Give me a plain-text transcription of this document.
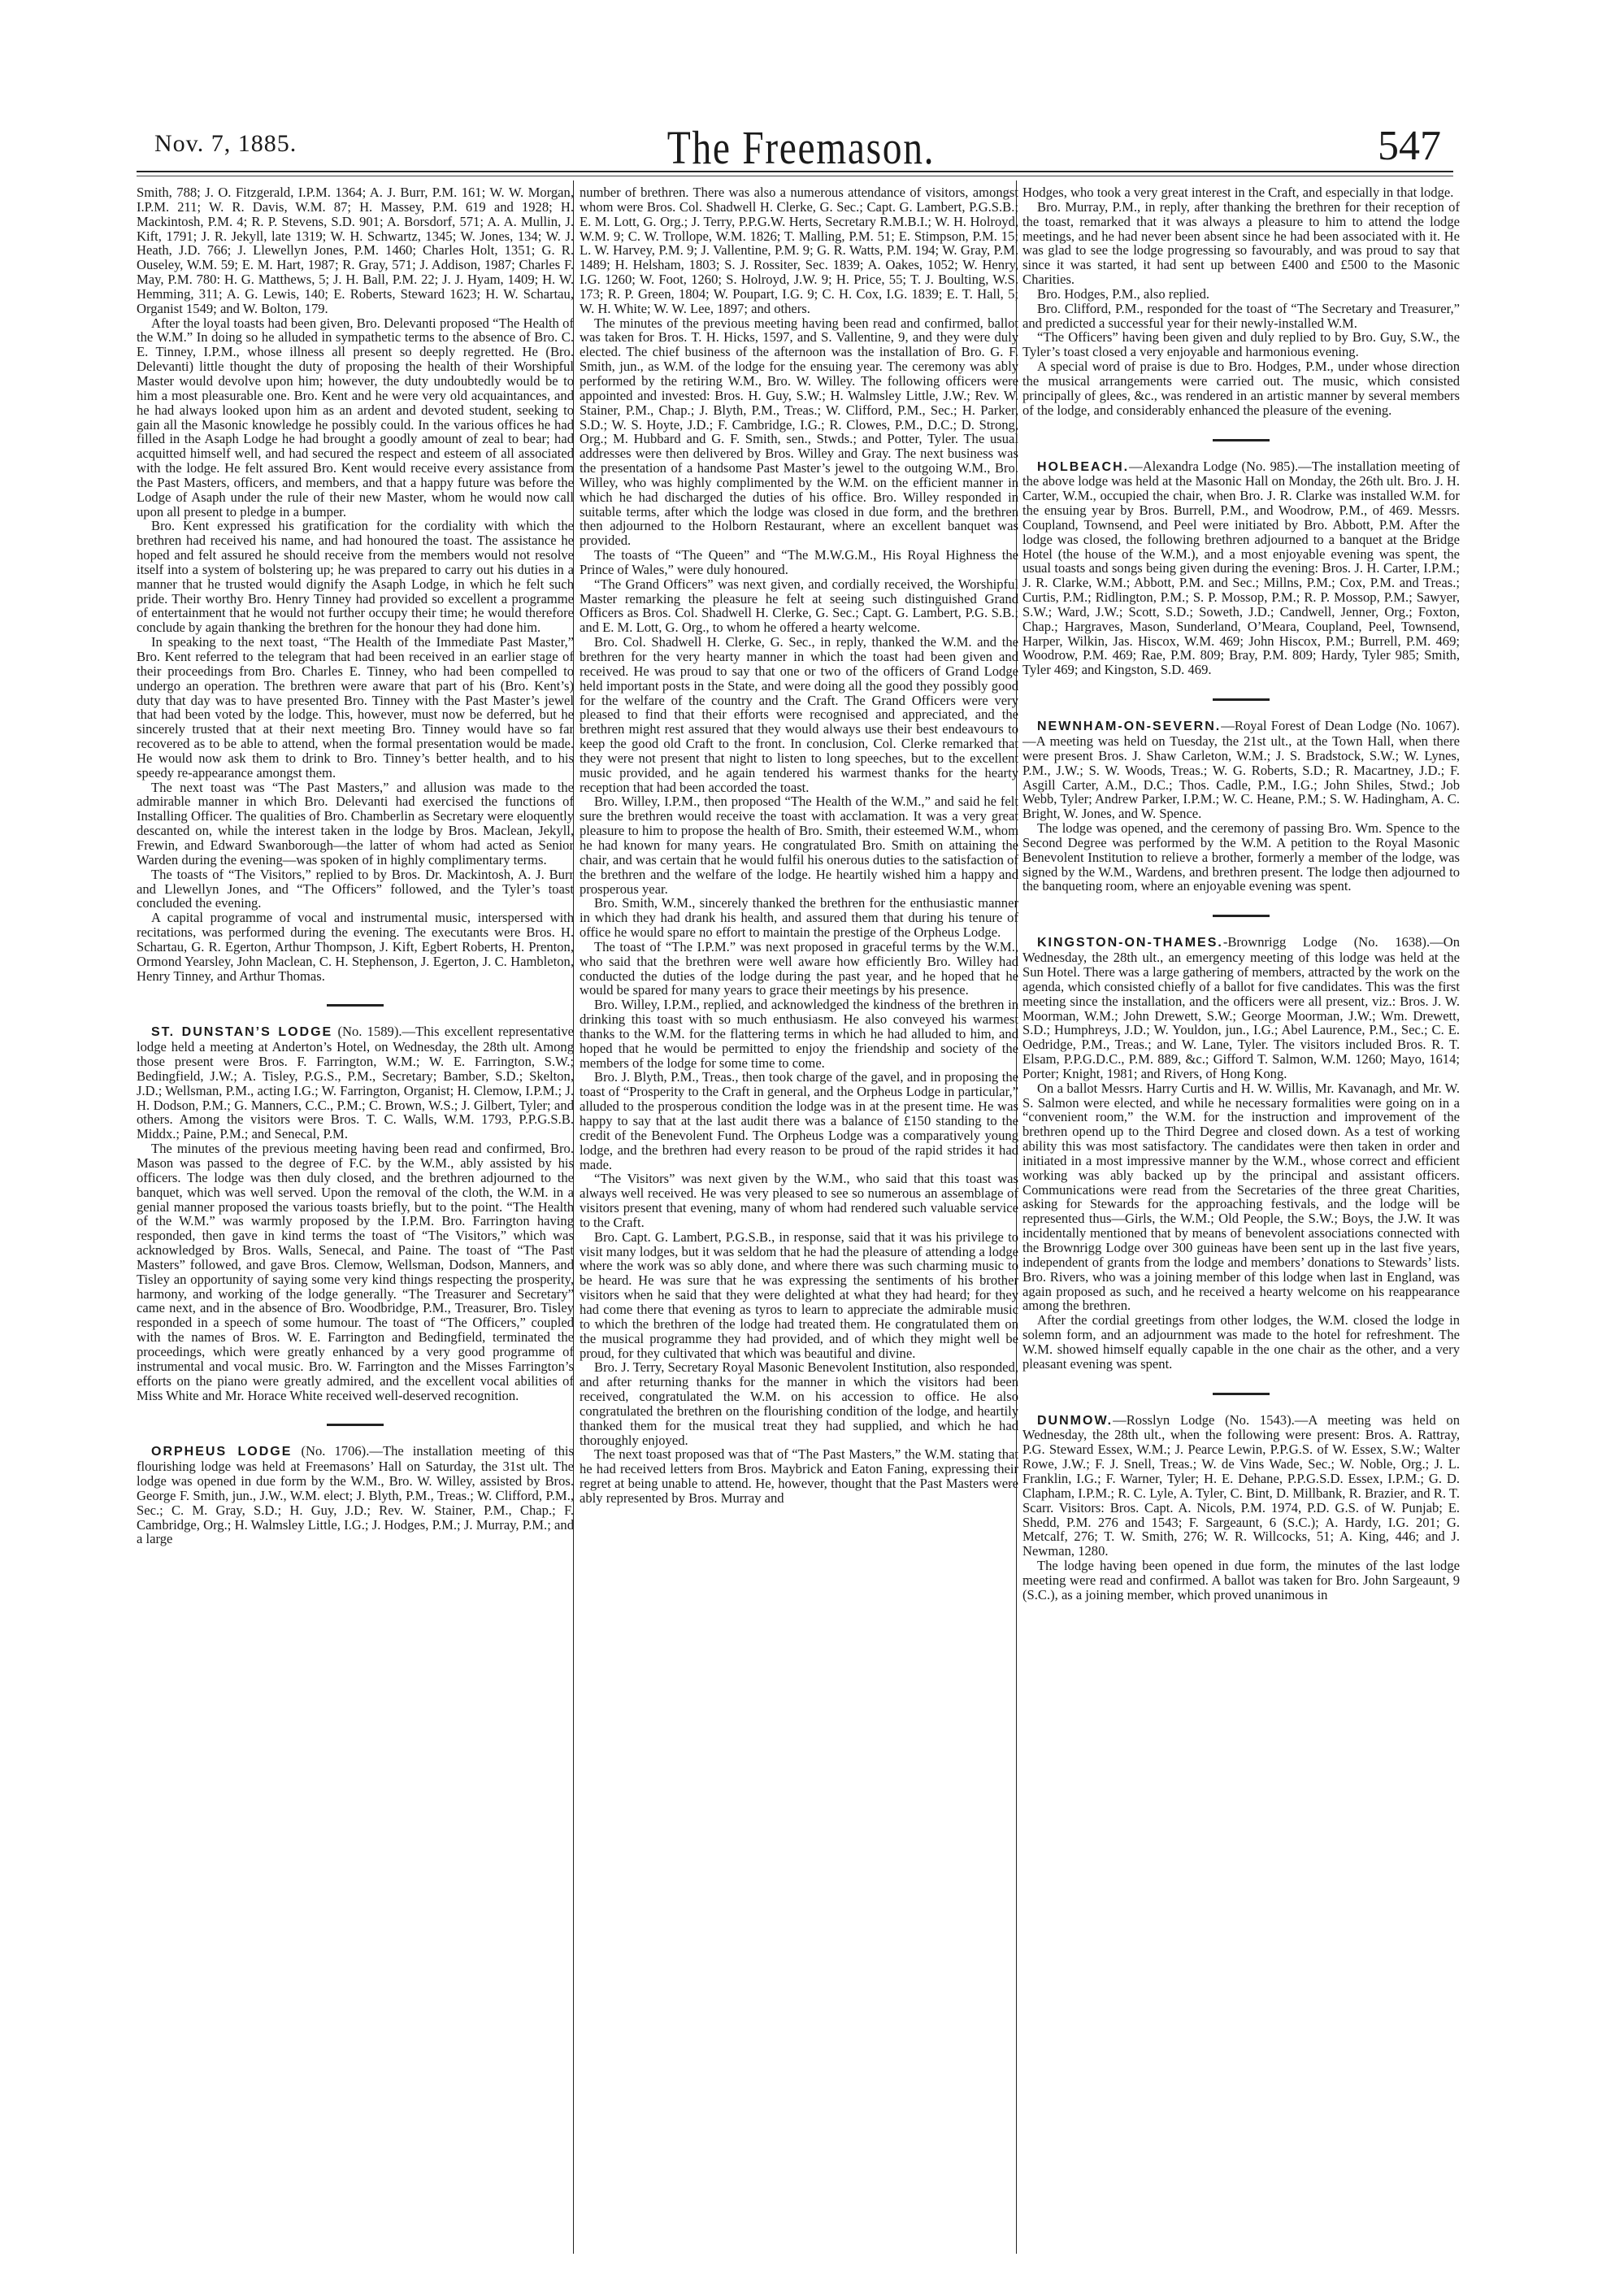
Nov. 7, 1885.	The Freemason.	547

Smith, 788; J. O. Fitzgerald, I.P.M. 1364; A. J. Burr, P.M. 161; W. W. Morgan, I.P.M. 211; W. R. Davis, W.M. 87; H. Massey, P.M. 619 and 1928; H. Mackintosh, P.M. 4; R. P. Stevens, S.D. 901; A. Borsdorf, 571; A. A. Mullin, J. Kift, 1791; J. R. Jekyll, late 1319; W. H. Schwartz, 1345; W. Jones, 134; W. J. Heath, J.D. 766; J. Llewellyn Jones, P.M. 1460; Charles Holt, 1351; G. R. Ouseley, W.M. 59; E. M. Hart, 1987; R. Gray, 571; J. Addison, 1987; Charles F. May, P.M. 780: H. G. Matthews, 5; J. H. Ball, P.M. 22; J. J. Hyam, 1409; H. W. Hemming, 311; A. G. Lewis, 140; E. Roberts, Steward 1623; H. W. Schartau, Organist 1549; and W. Bolton, 179.

After the loyal toasts had been given, Bro. Delevanti proposed “The Health of the W.M.” In doing so he alluded in sympathetic terms to the absence of Bro. C. E. Tinney, I.P.M., whose illness all present so deeply regretted. He (Bro. Delevanti) little thought the duty of proposing the health of their Worshipful Master would devolve upon him; however, the duty undoubtedly would be to him a most pleasurable one. Bro. Kent and he were very old acquaintances, and he had always looked upon him as an ardent and devoted student, seeking to gain all the Masonic knowledge he possibly could. In the various offices he had filled in the Asaph Lodge he had brought a goodly amount of zeal to bear; had acquitted himself well, and had secured the respect and esteem of all associated with the lodge. He felt assured Bro. Kent would receive every assistance from the Past Masters, officers, and members, and that a happy future was before the Lodge of Asaph under the rule of their new Master, whom he would now call upon all present to pledge in a bumper.

Bro. Kent expressed his gratification for the cordiality with which the brethren had received his name, and had honoured the toast. The assistance he hoped and felt assured he should receive from the members would not resolve itself into a system of bolstering up; he was prepared to carry out his duties in a manner that he trusted would dignify the Asaph Lodge, in which he felt such pride. Their worthy Bro. Henry Tinney had provided so excellent a programme of entertainment that he would not further occupy their time; he would therefore conclude by again thanking the brethren for the honour they had done him.

In speaking to the next toast, “The Health of the Immediate Past Master,” Bro. Kent referred to the telegram that had been received in an earlier stage of their proceedings from Bro. Charles E. Tinney, who had been compelled to undergo an operation. The brethren were aware that part of his (Bro. Kent’s) duty that day was to have presented Bro. Tinney with the Past Master’s jewel that had been voted by the lodge. This, however, must now be deferred, but he sincerely trusted that at their next meeting Bro. Tinney would have so far recovered as to be able to attend, when the formal presentation would be made. He would now ask them to drink to Bro. Tinney’s better health, and to his speedy re-appearance amongst them.

The next toast was “The Past Masters,” and allusion was made to the admirable manner in which Bro. Delevanti had exercised the functions of Installing Officer. The qualities of Bro. Chamberlin as Secretary were eloquently descanted on, while the interest taken in the lodge by Bros. Maclean, Jekyll, Frewin, and Edward Swanborough—the latter of whom had acted as Senior Warden during the evening—was spoken of in highly complimentary terms.

The toasts of “The Visitors,” replied to by Bros. Dr. Mackintosh, A. J. Burr and Llewellyn Jones, and “The Officers” followed, and the Tyler’s toast concluded the evening.

A capital programme of vocal and instrumental music, interspersed with recitations, was performed during the evening. The executants were Bros. H. Schartau, G. R. Egerton, Arthur Thompson, J. Kift, Egbert Roberts, H. Prenton, Ormond Yearsley, John Maclean, C. H. Stephenson, J. Egerton, J. C. Hambleton, Henry Tinney, and Arthur Thomas.

ST. DUNSTAN’S LODGE (No. 1589).—This excellent representative lodge held a meeting at Anderton’s Hotel, on Wednesday, the 28th ult. Among those present were Bros. F. Farrington, W.M.; W. E. Farrington, S.W.; Bedingfield, J.W.; A. Tisley, P.G.S., P.M., Secretary; Bamber, S.D.; Skelton, J.D.; Wellsman, P.M., acting I.G.; W. Farrington, Organist; H. Clemow, I.P.M.; J. H. Dodson, P.M.; G. Manners, C.C., P.M.; C. Brown, W.S.; J. Gilbert, Tyler; and others. Among the visitors were Bros. T. C. Walls, W.M. 1793, P.P.G.S.B. Middx.; Paine, P.M.; and Senecal, P.M.

The minutes of the previous meeting having been read and confirmed, Bro. Mason was passed to the degree of F.C. by the W.M., ably assisted by his officers. The lodge was then duly closed, and the brethren adjourned to the banquet, which was well served. Upon the removal of the cloth, the W.M. in a genial manner proposed the various toasts briefly, but to the point. “The Health of the W.M.” was warmly proposed by the I.P.M. Bro. Farrington having responded, then gave in kind terms the toast of “The Visitors,” which was acknowledged by Bros. Walls, Senecal, and Paine. The toast of “The Past Masters” followed, and gave Bros. Clemow, Wellsman, Dodson, Manners, and Tisley an opportunity of saying some very kind things respecting the prosperity, harmony, and working of the lodge generally. “The Treasurer and Secretary” came next, and in the absence of Bro. Woodbridge, P.M., Treasurer, Bro. Tisley responded in a speech of some humour. The toast of “The Officers,” coupled with the names of Bros. W. E. Farrington and Bedingfield, terminated the proceedings, which were greatly enhanced by a very good programme of instrumental and vocal music. Bro. W. Farrington and the Misses Farrington’s efforts on the piano were greatly admired, and the excellent vocal abilities of Miss White and Mr. Horace White received well-deserved recognition.

ORPHEUS LODGE (No. 1706).—The installation meeting of this flourishing lodge was held at Freemasons’ Hall on Saturday, the 31st ult. The lodge was opened in due form by the W.M., Bro. W. Willey, assisted by Bros. George F. Smith, jun., J.W., W.M. elect; J. Blyth, P.M., Treas.; W. Clifford, P.M., Sec.; C. M. Gray, S.D.; H. Guy, J.D.; Rev. W. Stainer, P.M., Chap.; F. Cambridge, Org.; H. Walmsley Little, I.G.; J. Hodges, P.M.; J. Murray, P.M.; and a large

number of brethren. There was also a numerous attendance of visitors, amongst whom were Bros. Col. Shadwell H. Clerke, G. Sec.; Capt. G. Lambert, P.G.S.B.; E. M. Lott, G. Org.; J. Terry, P.P.G.W. Herts, Secretary R.M.B.I.; W. H. Holroyd, W.M. 9; C. W. Trollope, W.M. 1826; T. Malling, P.M. 51; E. Stimpson, P.M. 15; L. W. Harvey, P.M. 9; J. Vallentine, P.M. 9; G. R. Watts, P.M. 194; W. Gray, P.M. 1489; H. Helsham, 1803; S. J. Rossiter, Sec. 1839; A. Oakes, 1052; W. Henry, I.G. 1260; W. Foot, 1260; S. Holroyd, J.W. 9; H. Price, 55; T. J. Boulting, W.S. 173; R. P. Green, 1804; W. Poupart, I.G. 9; C. H. Cox, I.G. 1839; E. T. Hall, 5; W. H. White; W. W. Lee, 1897; and others.

The minutes of the previous meeting having been read and confirmed, ballot was taken for Bros. T. H. Hicks, 1597, and S. Vallentine, 9, and they were duly elected. The chief business of the afternoon was the installation of Bro. G. F. Smith, jun., as W.M. of the lodge for the ensuing year. The ceremony was ably performed by the retiring W.M., Bro. W. Willey. The following officers were appointed and invested: Bros. H. Guy, S.W.; H. Walmsley Little, J.W.; Rev. W. Stainer, P.M., Chap.; J. Blyth, P.M., Treas.; W. Clifford, P.M., Sec.; H. Parker, S.D.; W. S. Hoyte, J.D.; F. Cambridge, I.G.; R. Clowes, P.M., D.C.; D. Strong, Org.; M. Hubbard and G. F. Smith, sen., Stwds.; and Potter, Tyler. The usual addresses were then delivered by Bros. Willey and Gray. The next business was the presentation of a handsome Past Master’s jewel to the outgoing W.M., Bro. Willey, who was highly complimented by the W.M. on the efficient manner in which he had discharged the duties of his office. Bro. Willey responded in suitable terms, after which the lodge was closed in due form, and the brethren then adjourned to the Holborn Restaurant, where an excellent banquet was provided.

The toasts of “The Queen” and “The M.W.G.M., His Royal Highness the Prince of Wales,” were duly honoured.

“The Grand Officers” was next given, and cordially received, the Worshipful Master remarking the pleasure he felt at seeing such distinguished Grand Officers as Bros. Col. Shadwell H. Clerke, G. Sec.; Capt. G. Lambert, P.G. S.B.; and E. M. Lott, G. Org., to whom he offered a hearty welcome.

Bro. Col. Shadwell H. Clerke, G. Sec., in reply, thanked the W.M. and the brethren for the very hearty manner in which the toast had been given and received. He was proud to say that one or two of the officers of Grand Lodge held important posts in the State, and were doing all the good they possibly good for the welfare of the country and the Craft. The Grand Officers were very pleased to find that their efforts were recognised and appreciated, and the brethren might rest assured that they would always use their best endeavours to keep the good old Craft to the front. In conclusion, Col. Clerke remarked that they were not present that night to listen to long speeches, but to the excellent music provided, and he again tendered his warmest thanks for the hearty reception that had been accorded the toast.

Bro. Willey, I.P.M., then proposed “The Health of the W.M.,” and said he felt sure the brethren would receive the toast with acclamation. It was a very great pleasure to him to propose the health of Bro. Smith, their esteemed W.M., whom he had known for many years. He congratulated Bro. Smith on attaining the chair, and was certain that he would fulfil his onerous duties to the satisfaction of the brethren and the welfare of the lodge. He heartily wished him a happy and prosperous year.

Bro. Smith, W.M., sincerely thanked the brethren for the enthusiastic manner in which they had drank his health, and assured them that during his tenure of office he would spare no effort to maintain the prestige of the Orpheus Lodge.

The toast of “The I.P.M.” was next proposed in graceful terms by the W.M., who said that the brethren were well aware how efficiently Bro. Willey had conducted the duties of the lodge during the past year, and he hoped that he would be spared for many years to grace their meetings by his presence.

Bro. Willey, I.P.M., replied, and acknowledged the kindness of the brethren in drinking this toast with so much enthusiasm. He also conveyed his warmest thanks to the W.M. for the flattering terms in which he had alluded to him, and hoped that he would be permitted to enjoy the friendship and society of the members of the lodge for some time to come.

Bro. J. Blyth, P.M., Treas., then took charge of the gavel, and in proposing the toast of “Prosperity to the Craft in general, and the Orpheus Lodge in particular,” alluded to the prosperous condition the lodge was in at the present time. He was happy to say that at the last audit there was a balance of £150 standing to the credit of the Benevolent Fund. The Orpheus Lodge was a comparatively young lodge, and the brethren had every reason to be proud of the rapid strides it had made.

“The Visitors” was next given by the W.M., who said that this toast was always well received. He was very pleased to see so numerous an assemblage of visitors present that evening, many of whom had rendered such valuable service to the Craft.

Bro. Capt. G. Lambert, P.G.S.B., in response, said that it was his privilege to visit many lodges, but it was seldom that he had the pleasure of attending a lodge where the work was so ably done, and where there was such charming music to be heard. He was sure that he was expressing the sentiments of his brother visitors when he said that they were delighted at what they had heard; for they had come there that evening as tyros to learn to appreciate the admirable music to which the brethren of the lodge had treated them. He congratulated them on the musical programme they had provided, and of which they might well be proud, for they cultivated that which was beautiful and divine.

Bro. J. Terry, Secretary Royal Masonic Benevolent Institution, also responded, and after returning thanks for the manner in which the visitors had been received, congratulated the W.M. on his accession to office. He also congratulated the brethren on the flourishing condition of the lodge, and heartily thanked them for the musical treat they had supplied, and which he had thoroughly enjoyed.

The next toast proposed was that of “The Past Masters,” the W.M. stating that he had received letters from Bros. Maybrick and Eaton Faning, expressing their regret at being unable to attend. He, however, thought that the Past Masters were ably represented by Bros. Murray and

Hodges, who took a very great interest in the Craft, and especially in that lodge.

Bro. Murray, P.M., in reply, after thanking the brethren for their reception of the toast, remarked that it was always a pleasure to him to attend the lodge meetings, and he had never been absent since he had been associated with it. He was glad to see the lodge progressing so favourably, and was proud to say that since it was started, it had sent up between £400 and £500 to the Masonic Charities.

Bro. Hodges, P.M., also replied.

Bro. Clifford, P.M., responded for the toast of “The Secretary and Treasurer,” and predicted a successful year for their newly-installed W.M.

“The Officers” having been given and duly replied to by Bro. Guy, S.W., the Tyler’s toast closed a very enjoyable and harmonious evening.

A special word of praise is due to Bro. Hodges, P.M., under whose direction the musical arrangements were carried out. The music, which consisted principally of glees, &c., was rendered in an artistic manner by several members of the lodge, and considerably enhanced the pleasure of the evening.

HOLBEACH.—Alexandra Lodge (No. 985).—The installation meeting of the above lodge was held at the Masonic Hall on Monday, the 26th ult. Bro. J. H. Carter, W.M., occupied the chair, when Bro. J. R. Clarke was installed W.M. for the ensuing year by Bros. Burrell, P.M., and Woodrow, P.M., of 469. Messrs. Coupland, Townsend, and Peel were initiated by Bro. Abbott, P.M. After the lodge was closed, the following brethren adjourned to a banquet at the Bridge Hotel (the house of the W.M.), and a most enjoyable evening was spent, the usual toasts and songs being given during the evening: Bros. J. H. Carter, I.P.M.; J. R. Clarke, W.M.; Abbott, P.M. and Sec.; Millns, P.M.; Cox, P.M. and Treas.; Curtis, P.M.; Ridlington, P.M.; S. P. Mossop, P.M.; R. P. Mossop, P.M.; Sawyer, S.W.; Ward, J.W.; Scott, S.D.; Soweth, J.D.; Candwell, Jenner, Org.; Foxton, Chap.; Hargraves, Mason, Sunderland, O’Meara, Coupland, Peel, Townsend, Harper, Wilkin, Jas. Hiscox, W.M. 469; John Hiscox, P.M.; Burrell, P.M. 469; Woodrow, P.M. 469; Rae, P.M. 809; Bray, P.M. 809; Hardy, Tyler 985; Smith, Tyler 469; and Kingston, S.D. 469.

NEWNHAM-ON-SEVERN.—Royal Forest of Dean Lodge (No. 1067).—A meeting was held on Tuesday, the 21st ult., at the Town Hall, when there were present Bros. J. Shaw Carleton, W.M.; J. S. Bradstock, S.W.; W. Lynes, P.M., J.W.; S. W. Woods, Treas.; W. G. Roberts, S.D.; R. Macartney, J.D.; F. Asgill Carter, A.M., D.C.; Thos. Cadle, P.M., I.G.; John Shiles, Stwd.; Job Webb, Tyler; Andrew Parker, I.P.M.; W. C. Heane, P.M.; S. W. Hadingham, A. C. Bright, W. Jones, and W. Spence.

The lodge was opened, and the ceremony of passing Bro. Wm. Spence to the Second Degree was performed by the W.M. A petition to the Royal Masonic Benevolent Institution to relieve a brother, formerly a member of the lodge, was signed by the W.M., Wardens, and brethren present. The lodge then adjourned to the banqueting room, where an enjoyable evening was spent.

KINGSTON-ON-THAMES.-Brownrigg Lodge (No. 1638).—On Wednesday, the 28th ult., an emergency meeting of this lodge was held at the Sun Hotel. There was a large gathering of members, attracted by the work on the agenda, which consisted chiefly of a ballot for five candidates. This was the first meeting since the installation, and the officers were all present, viz.: Bros. J. W. Moorman, W.M.; John Drewett, S.W.; George Moorman, J.W.; Wm. Drewett, S.D.; Humphreys, J.D.; W. Youldon, jun., I.G.; Abel Laurence, P.M., Sec.; C. E. Oedridge, P.M., Treas.; and W. Lane, Tyler. The visitors included Bros. R. T. Elsam, P.P.G.D.C., P.M. 889, &c.; Gifford T. Salmon, W.M. 1260; Mayo, 1614; Porter; Knight, 1981; and Rivers, of Hong Kong.

On a ballot Messrs. Harry Curtis and H. W. Willis, Mr. Kavanagh, and Mr. W. S. Salmon were elected, and while he necessary formalities were going on in a “convenient room,” the W.M. for the instruction and improvement of the brethren opend up to the Third Degree and closed down. As a test of working ability this was most satisfactory. The candidates were then taken in order and initiated in a most impressive manner by the W.M., whose correct and efficient working was ably backed up by the principal and assistant officers. Communications were read from the Secretaries of the three great Charities, asking for Stewards for the approaching festivals, and the lodge will be represented thus—Girls, the W.M.; Old People, the S.W.; Boys, the J.W. It was incidentally mentioned that by means of benevolent associations connected with the Brownrigg Lodge over 300 guineas have been sent up in the last five years, independent of grants from the lodge and members’ donations to Stewards’ lists. Bro. Rivers, who was a joining member of this lodge when last in England, was again proposed as such, and he received a hearty welcome on his reappearance among the brethren.

After the cordial greetings from other lodges, the W.M. closed the lodge in solemn form, and an adjournment was made to the hotel for refreshment. The W.M. showed himself equally capable in the one chair as the other, and a very pleasant evening was spent.

DUNMOW.—Rosslyn Lodge (No. 1543).—A meeting was held on Wednesday, the 28th ult., when the following were present: Bros. A. Rattray, P.G. Steward Essex, W.M.; J. Pearce Lewin, P.P.G.S. of W. Essex, S.W.; Walter Rowe, J.W.; F. J. Snell, Treas.; W. de Vins Wade, Sec.; W. Noble, Org.; J. L. Franklin, I.G.; F. Warner, Tyler; H. E. Dehane, P.P.G.S.D. Essex, I.P.M.; G. D. Clapham, I.P.M.; R. C. Lyle, A. Tyler, C. Bint, D. Millbank, R. Brazier, and R. T. Scarr. Visitors: Bros. Capt. A. Nicols, P.M. 1974, P.D. G.S. of W. Punjab; E. Shedd, P.M. 276 and 1543; F. Sargeaunt, 6 (S.C.); A. Hardy, I.G. 201; G. Metcalf, 276; T. W. Smith, 276; W. R. Willcocks, 51; A. King, 446; and J. Newman, 1280.

The lodge having been opened in due form, the minutes of the last lodge meeting were read and confirmed. A ballot was taken for Bro. John Sargeaunt, 9 (S.C.), as a joining member, which proved unanimous in
